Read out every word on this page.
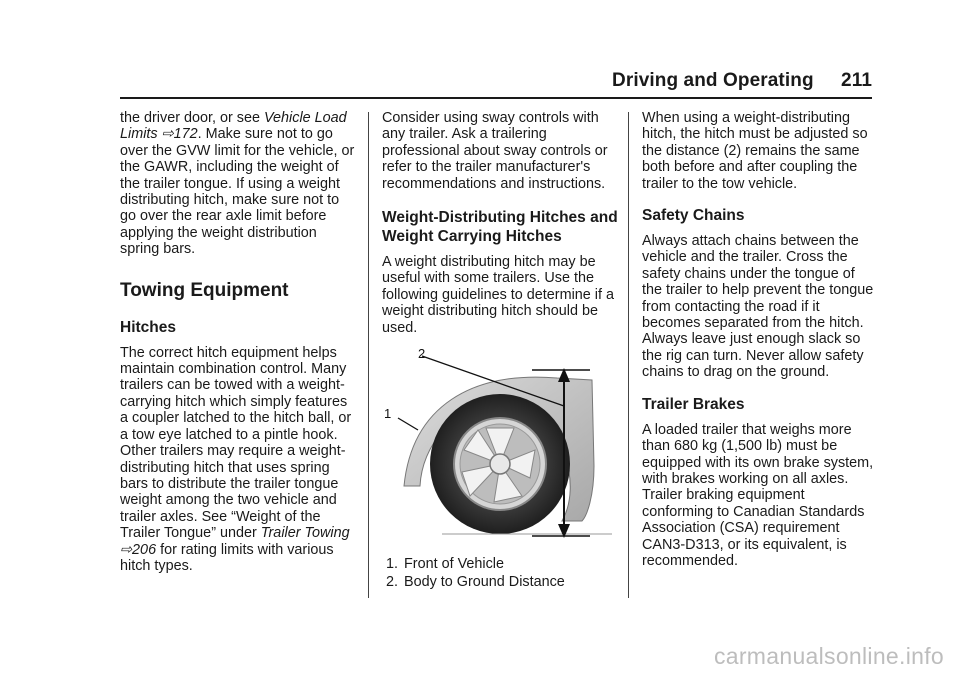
Driving and Operating 211

the driver door, or see Vehicle Load Limits ⇨172. Make sure not to go over the GVW limit for the vehicle, or the GAWR, including the weight of the trailer tongue. If using a weight distributing hitch, make sure not to go over the rear axle limit before applying the weight distribution spring bars.

Towing Equipment
Hitches

The correct hitch equipment helps maintain combination control. Many trailers can be towed with a weight-carrying hitch which simply features a coupler latched to the hitch ball, or a tow eye latched to a pintle hook. Other trailers may require a weight-distributing hitch that uses spring bars to distribute the trailer tongue weight among the two vehicle and trailer axles. See “Weight of the Trailer Tongue” under Trailer Towing ⇨206 for rating limits with various hitch types.

Consider using sway controls with any trailer. Ask a trailering professional about sway controls or refer to the trailer manufacturer's recommendations and instructions.

Weight-Distributing Hitches and Weight Carrying Hitches

A weight distributing hitch may be useful with some trailers. Use the following guidelines to determine if a weight distributing hitch should be used.

2
1
1. Front of Vehicle
2. Body to Ground Distance

When using a weight-distributing hitch, the hitch must be adjusted so the distance (2) remains the same both before and after coupling the trailer to the tow vehicle.

Safety Chains

Always attach chains between the vehicle and the trailer. Cross the safety chains under the tongue of the trailer to help prevent the tongue from contacting the road if it becomes separated from the hitch. Always leave just enough slack so the rig can turn. Never allow safety chains to drag on the ground.

Trailer Brakes

A loaded trailer that weighs more than 680 kg (1,500 lb) must be equipped with its own brake system, with brakes working on all axles. Trailer braking equipment conforming to Canadian Standards Association (CSA) requirement CAN3-D313, or its equivalent, is recommended.

carmanualsonline.info
